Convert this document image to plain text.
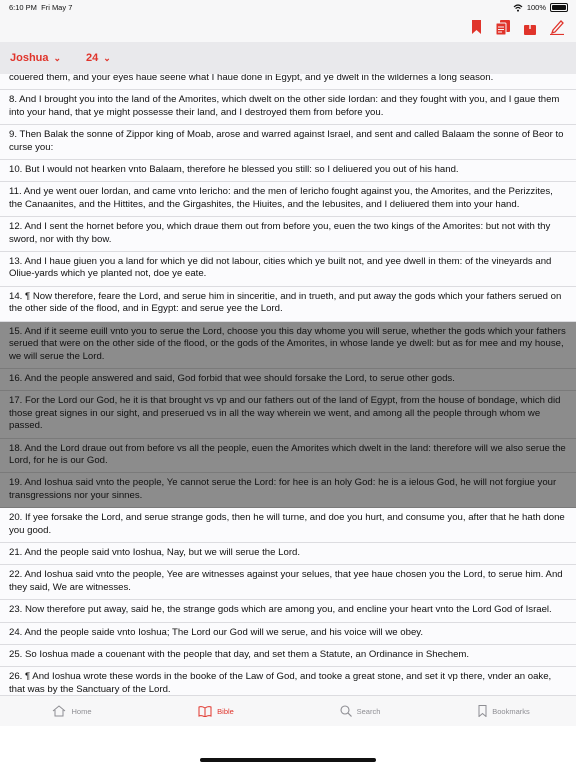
6:10 PM Fri May 7	100%
Joshua ⌄ 24 ⌄
couered them, and your eyes haue seene what I haue done in Egypt, and ye dwelt in the wildernes a long season.
8. And I brought you into the land of the Amorites, which dwelt on the other side Iordan: and they fought with you, and I gaue them into your hand, that ye might possesse their land, and I destroyed them from before you.
9. Then Balak the sonne of Zippor king of Moab, arose and warred against Israel, and sent and called Balaam the sonne of Beor to curse you:
10. But I would not hearken vnto Balaam, therefore he blessed you still: so I deliuered you out of his hand.
11. And ye went ouer Iordan, and came vnto Iericho: and the men of Iericho fought against you, the Amorites, and the Perizzites, the Canaanites, and the Hittites, and the Girgashites, the Hiuites, and the Iebusites, and I deliuered them into your hand.
12. And I sent the hornet before you, which draue them out from before you, euen the two kings of the Amorites: but not with thy sword, nor with thy bow.
13. And I haue giuen you a land for which ye did not labour, cities which ye built not, and yee dwell in them: of the vineyards and Oliue-yards which ye planted not, doe ye eate.
14. ¶ Now therefore, feare the Lord, and serue him in sinceritie, and in trueth, and put away the gods which your fathers serued on the other side of the flood, and in Egypt: and serue yee the Lord.
15. And if it seeme euill vnto you to serue the Lord, choose you this day whome you will serue, whether the gods which your fathers serued that were on the other side of the flood, or the gods of the Amorites, in whose lande ye dwell: but as for mee and my house, we will serue the Lord.
16. And the people answered and said, God forbid that wee should forsake the Lord, to serue other gods.
17. For the Lord our God, he it is that brought vs vp and our fathers out of the land of Egypt, from the house of bondage, which did those great signes in our sight, and preserued vs in all the way wherein we went, and among all the people through whom we passed.
18. And the Lord draue out from before vs all the people, euen the Amorites which dwelt in the land: therefore will we also serue the Lord, for he is our God.
19. And Ioshua said vnto the people, Ye cannot serue the Lord: for hee is an holy God: he is a ielous God, he will not forgiue your transgressions nor your sinnes.
20. If yee forsake the Lord, and serue strange gods, then he will turne, and doe you hurt, and consume you, after that he hath done you good.
21. And the people said vnto Ioshua, Nay, but we will serue the Lord.
22. And Ioshua said vnto the people, Yee are witnesses against your selues, that yee haue chosen you the Lord, to serue him. And they said, We are witnesses.
23. Now therefore put away, said he, the strange gods which are among you, and encline your heart vnto the Lord God of Israel.
24. And the people saide vnto Ioshua; The Lord our God will we serue, and his voice will we obey.
25. So Ioshua made a couenant with the people that day, and set them a Statute, an Ordinance in Shechem.
26. ¶ And Ioshua wrote these words in the booke of the Law of God, and tooke a great stone, and set it vp there, vnder an oake, that was by the Sanctuary of the Lord.
Home	Bible	Search	Bookmarks
